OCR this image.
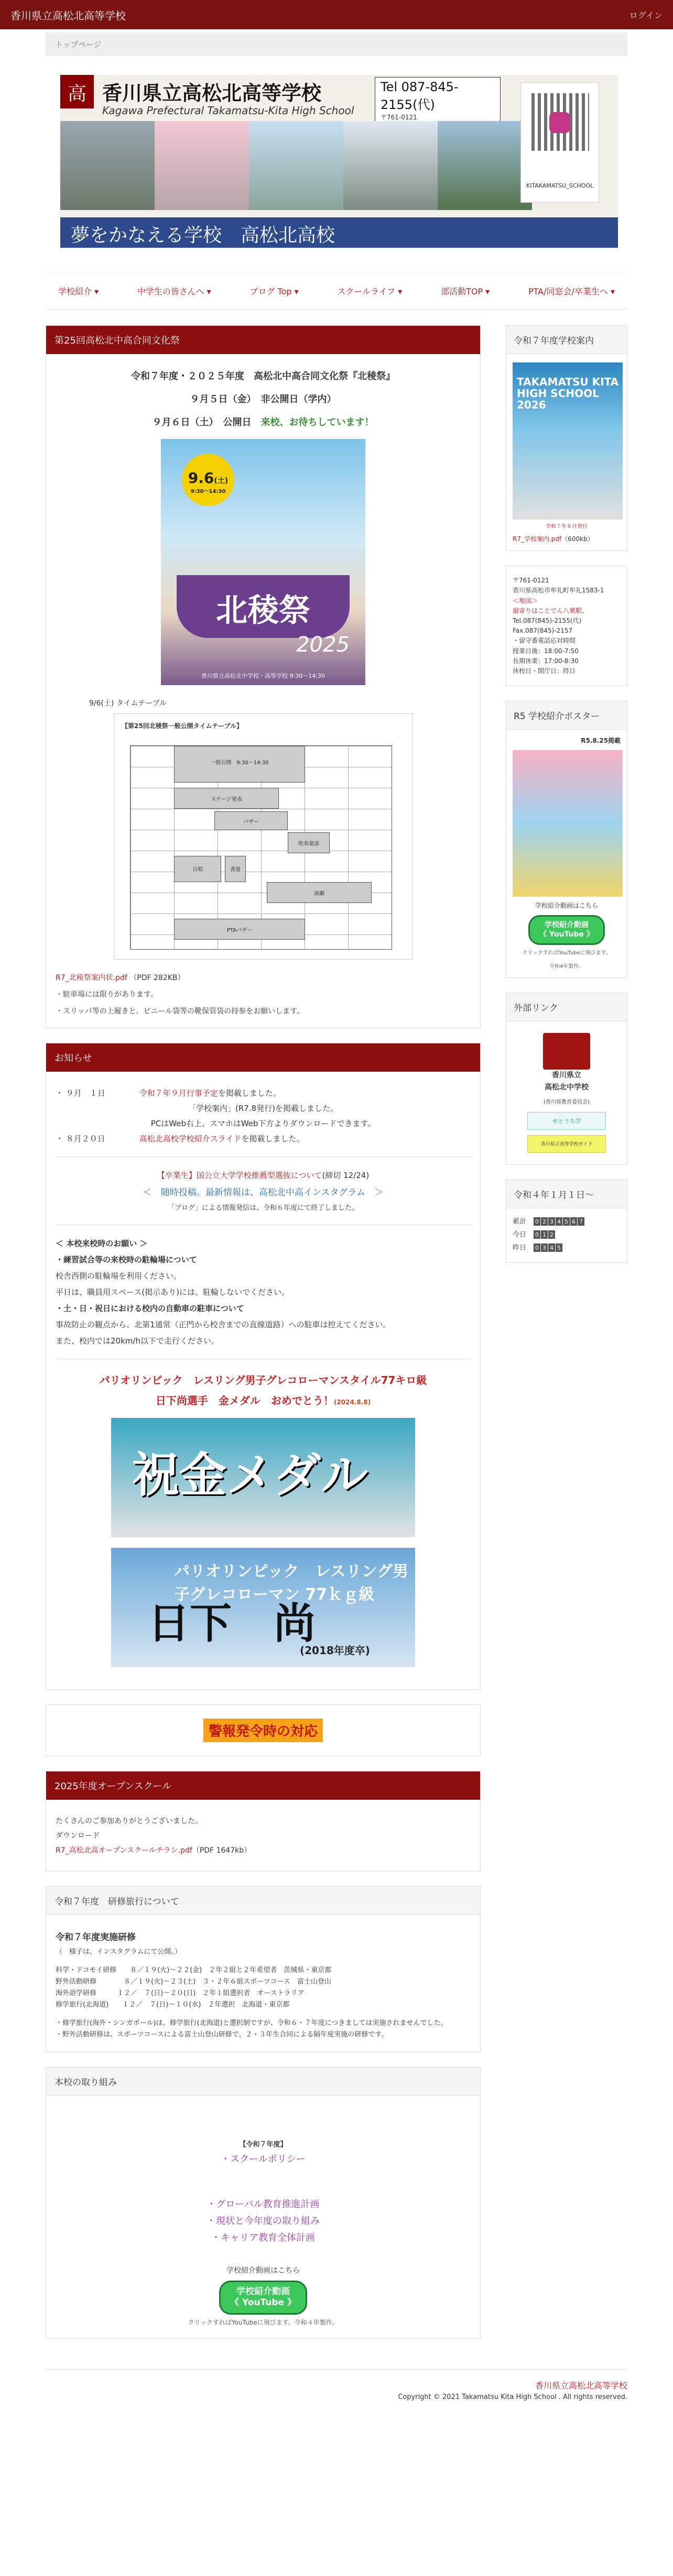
香川県立高松北高等学校	ログイン
トップページ
高
香川県立高松北高等学校
Kagawa Prefectural Takamatsu-Kita High School
Tel 087-845-2155(代)
〒761-0121

KITAKAMATSU_SCHOOL
夢をかなえる学校　高松北高校
学校紹介 ▾	中学生の皆さんへ ▾	ブログ Top ▾	スクールライフ ▾	部活動TOP ▾	PTA/同窓会/卒業生へ ▾
第25回高松北中高合同文化祭
令和７年度・２０２５年度　高松北中高合同文化祭『北稜祭』
９月５日（金）　非公開日（学内）
９月６日（土）　公開日　来校、お待ちしています！
9.6(土)
9:30〜14:30
北稜祭
2025
香川県立高松北中学校・高等学校 9:30〜14:30
9/6(土) タイムテーブル
【第25回北稜祭一般公開タイムテーブル】
一般公開　9:30〜14:30
ステージ発表
バザー
吹奏楽部
合唱	書道
演劇
PTAバザー
R7_北稜祭案内状.pdf （PDF 282KB）
・駐車場には限りがあります。
・スリッパ等の上履きと、ビニール袋等の靴保管袋の持参をお願いします。
お知らせ
・ ９月　１日	令和７年９月行事予定を掲載しました。
「学校案内」(R7.8発行)を掲載しました。
PCはWeb右上、スマホはWeb下方よりダウンロードできます。
・ ８月２０日	高松北高校学校紹介スライドを掲載しました。
【卒業生】国公立大学学校推薦型選抜について(締切 12/24)
＜　随時投稿。最新情報は、高松北中高インスタグラム　＞
「ブログ」による情報発信は、令和６年度にて終了しました。

＜ 本校来校時のお願い ＞

・練習試合等の来校時の駐輪場について

校舎西側の駐輪場を利用ください。

平日は、職員用スペース(掲示あり)には、駐輪しないでください。

・土・日・祝日における校内の自動車の駐車について

事故防止の観点から、北第1通常（正門から校舎までの直線道路）への駐車は控えてください。

また、校内では20km/h以下で走行ください。

パリオリンピック　レスリング男子グレコローマンスタイル77キロ級
日下尚選手　金メダル　おめでとう！(2024.8.8)
祝金メダル
パリオリンピック　レスリング男子グレコローマン 77ｋｇ級
日下　尚
(2018年度卒)
警報発令時の対応
2025年度オープンスクール

たくさんのご参加ありがとうございました。

ダウンロード

R7_高松北高オープンスクールチラシ.pdf（PDF 1647kb）

令和７年度　研修旅行について

令和７年度実施研修

（　様子は、インスタグラムにて公開。）

科学・ドコモイ研修　　８／１９(火)〜２２(金)　２年２組と２年希望者　茨城県・東京都

野外活動研修　　　　８／１９(火)〜２３(土)　３・２年６組スポーツコース　富士山登山

海外語学研修　　　１２／　７(日)〜２０(日)　２年１組選択者　オーストラリア

修学旅行(北海道)　　１２／　７(日)〜１０(水)　２年選択　北海道・東京都

・修学旅行(海外・シンガポール)は、修学旅行(北海道)と選択制ですが、令和６・７年度につきましては実施されませんでした。

・野外活動研修は、スポーツコースによる富士山登山研修で、２・３年生合同による隔年度実施の研修です。

本校の取り組み

【令和７年度】

・スクールポリシー

・グローバル教育推進計画

・現状と今年度の取り組み

・キャリア教育全体計画

学校紹介動画はこちら

学校紹介動画
《 YouTube 》

クリックすればYouTubeに飛びます。令和４年製作。

令和７年度学校案内
TAKAMATSU KITA HIGH SCHOOL 2026
令和７年８月発行
R7_学校案内.pdf（600kb）
〒761-0121
香川県高松市牟礼町牟礼1583-1
＜地図＞
最寄りはことでん八栗駅、
Tel.087(845)-2155(代)
Fax.087(845)-2157
・留守番電話応対時間
授業日後：18:00-7:50
長期休業：17:00-8:30
休校日・閉庁日：終日
R5 学校紹介ポスター
R5.8.25掲載
学校紹介動画はこちら
学校紹介動画
《 YouTube 》
クリックすればYouTubeに飛びます。
令和4年製作。
外部リンク
香川県立
高松北中学校
(香川県教育委員会)
せとうち学
香川県立高等学校ガイド
令和４年１月１日〜
累計	0 2 3 4 5 6 7
今日	0 1 2
昨日	0 3 4 5
香川県立高松北高等学校
Copyright © 2021 Takamatsu Kita High School . All rights reserved.
